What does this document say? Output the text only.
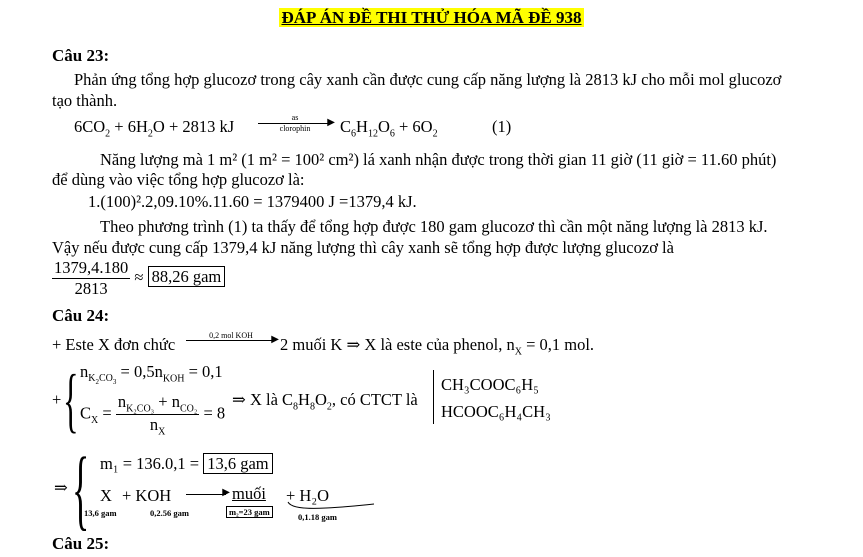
ĐÁP ÁN ĐỀ THI THỬ HÓA MÃ ĐỀ 938
Câu 23:
Phản ứng tổng hợp glucozơ trong cây xanh cần được cung cấp năng lượng là 2813 kJ cho mỗi mol glucozơ
tạo thành.
$6CO_2 + 6H_2O + 2813$ kJ	as	▶
clorophin	$C_6H_{12}O_6 + 6O_2$	(1)
Năng lượng mà 1 m² (1 m² = 100² cm²) lá xanh nhận được trong thời gian 11 giờ (11 giờ = 11.60 phút)
để dùng vào việc tổng hợp glucozơ là:
1.(100)².2,09.10%.11.60 = 1379400 J =1379,4 kJ.
Theo phương trình (1) ta thấy để tổng hợp được 180 gam glucozơ thì cần một năng lượng là 2813 kJ.
Vậy nếu được cung cấp 1379,4 kJ năng lượng thì cây xanh sẽ tổng hợp được lượng glucozơ là
$\frac{1379,4.180}{2813} \approx 88,26$ gam
Câu 24:
+ Este X đơn chức	0,2 mol KOH	▶ 2 muối K ⇒ X là este của phenol, $n_X = 0,1$ mol.
+ { $n_{K_2CO_3} = 0,5n_{KOH} = 0,1$
$C_X = \frac{n_{K_2CO_3} + n_{CO_2}}{n_X} = 8$
⇒ X là $C_8H_8O_2$, có CTCT là
CH₃COOC₆H₅
HCOOC₆H₄CH₃
⇒ { m₁ = 136.0,1 = 13,6 gam
X + KOH	▶ muối + H₂O
13,6 gam	0,2.56 gam	m₂=23 gam	0,1.18 gam
Câu 25:
